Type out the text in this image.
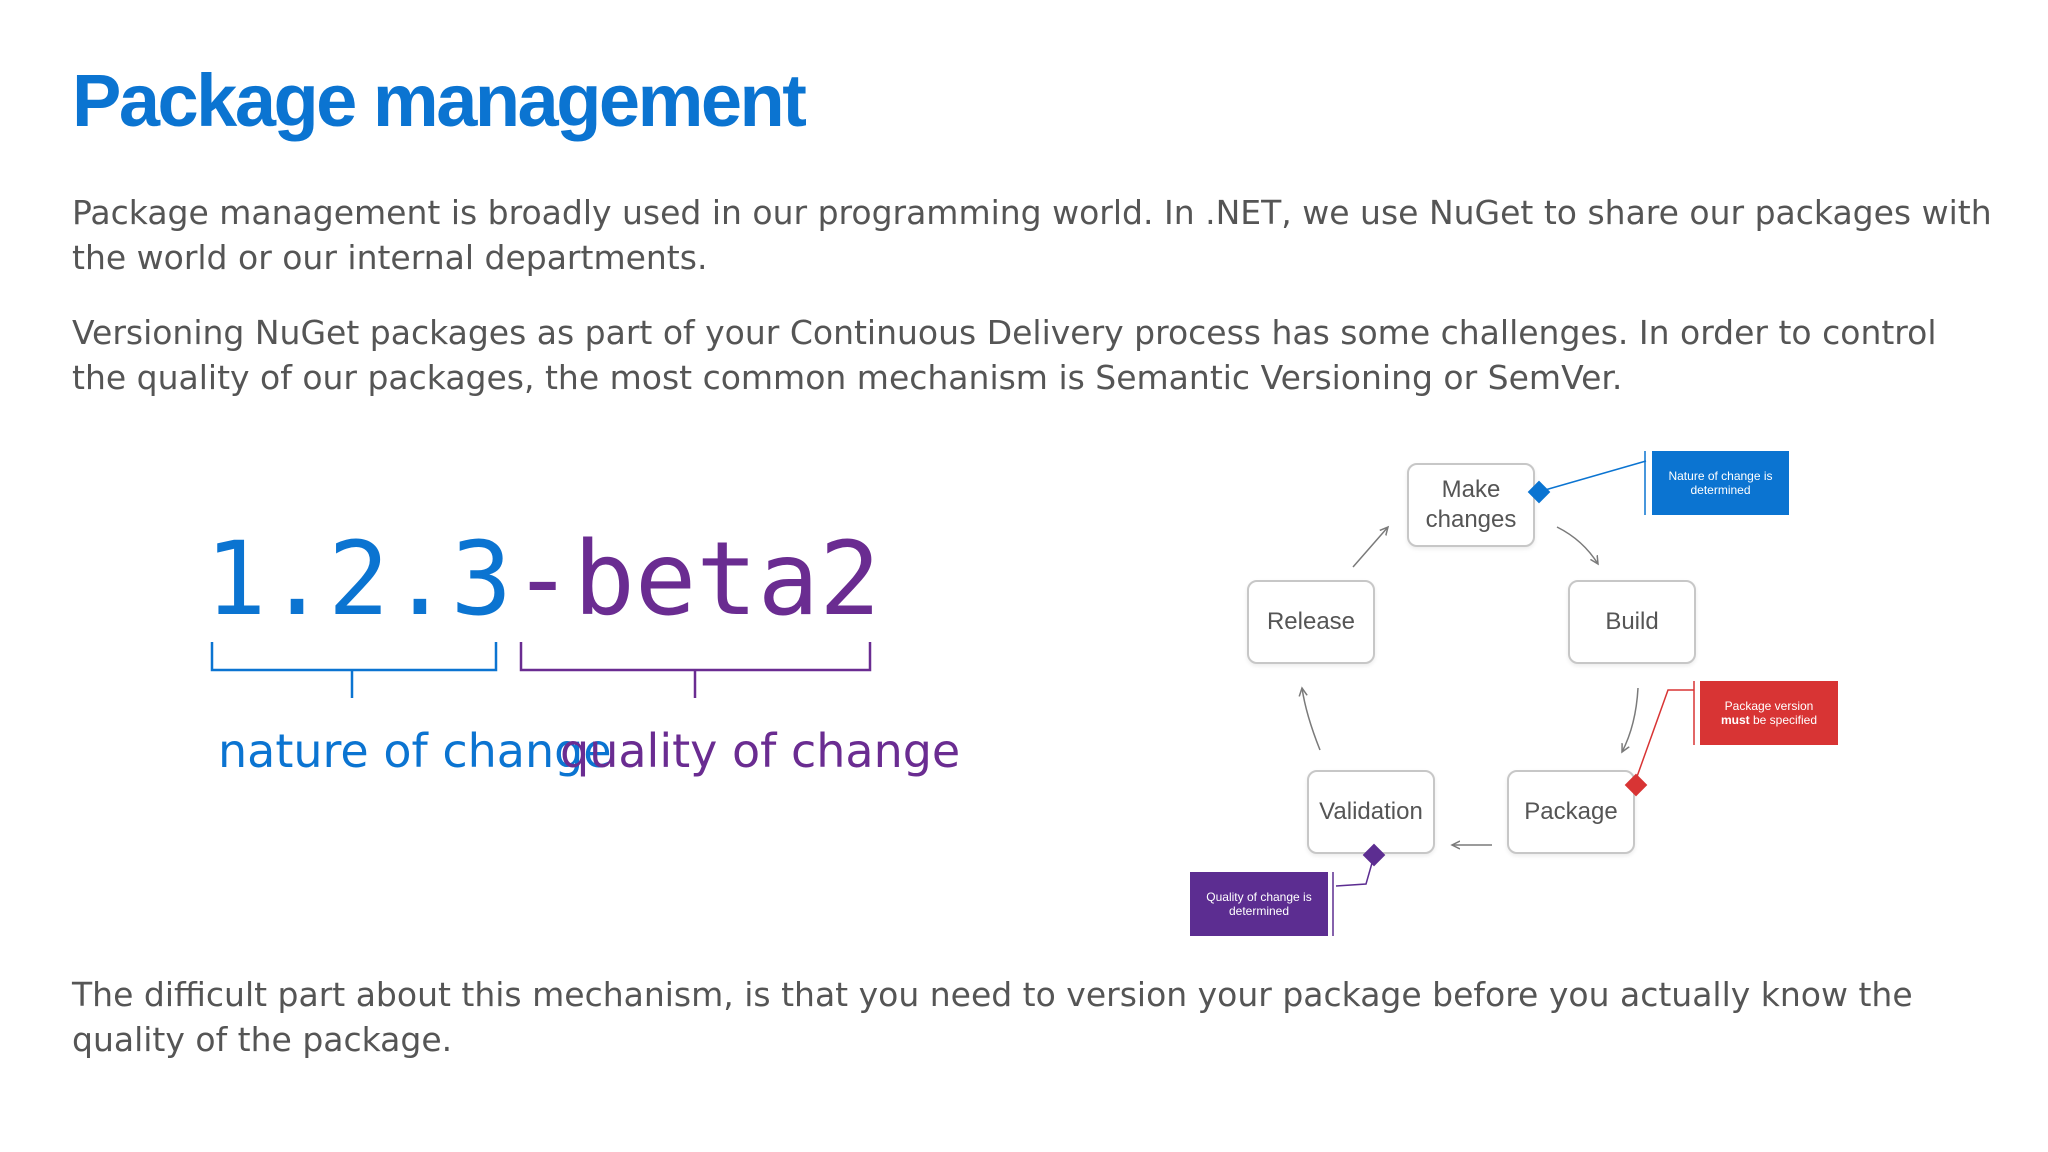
Package management
Package management is broadly used in our programming world. In .NET, we use NuGet to share our packages with the world or our internal departments.
Versioning NuGet packages as part of your Continuous Delivery process has some challenges. In order to control the quality of our packages, the most common mechanism is Semantic Versioning or SemVer.
1.2.3-beta2
nature of change
quality of change
Make changes
Release	Build
Validation	Package
Nature of change is determined
Package version
must be specified
Quality of change is determined
The difficult part about this mechanism, is that you need to version your package before you actually know the quality of the package.
